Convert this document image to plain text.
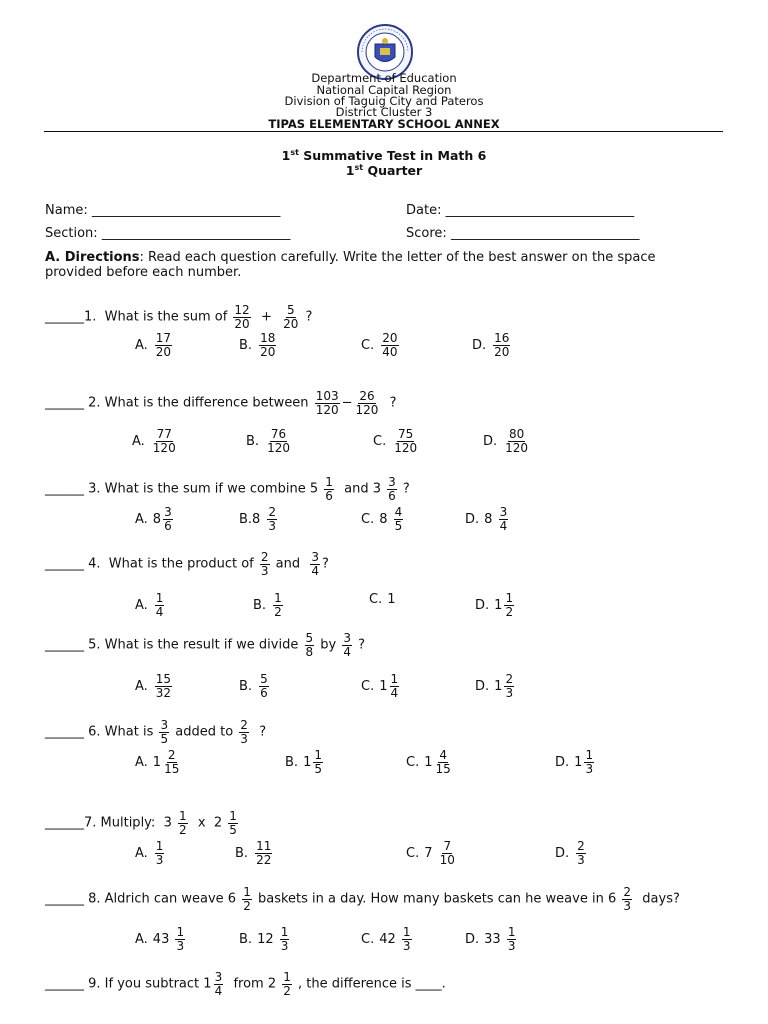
Department of Education
National Capital Region
Division of Taguig City and Pateros
District Cluster 3
TIPAS ELEMENTARY SCHOOL ANNEX
1st Summative Test in Math 6
1st Quarter
Name: _____________________________	Date: _____________________________
Section: _____________________________	Score: _____________________________
A. Directions: Read each question carefully. Write the letter of the best answer on the space
provided before each number.
______1.  What is the sum of $\frac{12}{20} + \frac{5}{20}$ ?
A. $\frac{17}{20}$	B. $\frac{18}{20}$	C. $\frac{20}{40}$	D. $\frac{16}{20}$
______ 2. What is the difference between $\frac{103}{120} - \frac{26}{120}$ ?
A. $\frac{77}{120}$	B. $\frac{76}{120}$	C. $\frac{75}{120}$	D. $\frac{80}{120}$
______ 3. What is the sum if we combine $5 \frac{1}{6}$ and $3 \frac{3}{6}$ ?
A. $8 \frac{3}{6}$	$B.8 \frac{2}{3}$	C. $8 \frac{4}{5}$	D. $8 \frac{3}{4}$
______ 4.  What is the product of $\frac{2}{3}$ and $\frac{3}{4}$ ?
A. $\frac{1}{4}$	B. $\frac{1}{2}$	C. 1	D. $1 \frac{1}{2}$
______ 5. What is the result if we divide $\frac{5}{8}$ by $\frac{3}{4}$ ?
A. $\frac{15}{32}$	B. $\frac{5}{6}$	C. $1 \frac{1}{4}$	D. $1 \frac{2}{3}$
______ 6. What is $\frac{3}{5}$ added to $\frac{2}{3}$ ?
A. $1 \frac{2}{15}$	B. $1 \frac{1}{5}$	C. $1 \frac{4}{15}$	D. $1 \frac{1}{3}$
______7. Multiply:  $3 \frac{1}{2}$ x  $2 \frac{1}{5}$
A. $\frac{1}{3}$	B. $\frac{11}{22}$	C. $7 \frac{7}{10}$	D. $\frac{2}{3}$
______ 8. Aldrich can weave $6 \frac{1}{2}$ baskets in a day. How many baskets can he weave in $6 \frac{2}{3}$ days?
A. $43 \frac{1}{3}$	B. $12 \frac{1}{3}$	C. $42 \frac{1}{3}$	D. $33 \frac{1}{3}$
______ 9. If you subtract $1 \frac{3}{4}$ from $2 \frac{1}{2}$ , the difference is ____.
